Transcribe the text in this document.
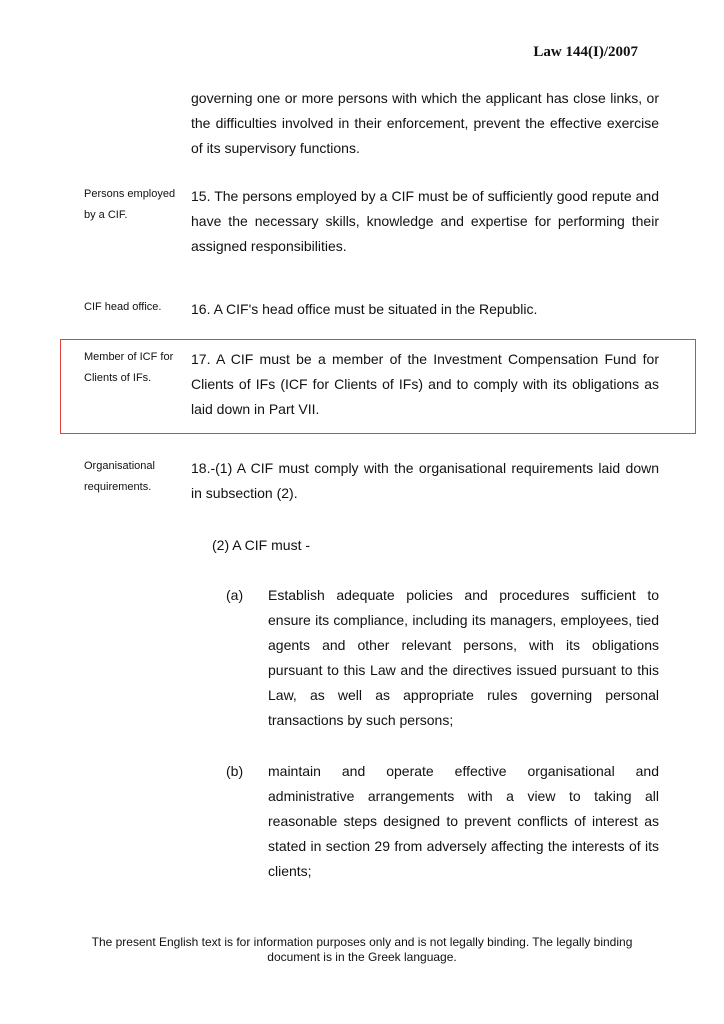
Law 144(I)/2007
governing one or more persons with which the applicant has close links, or the difficulties involved in their enforcement, prevent the effective exercise of its supervisory functions.
Persons employed by a CIF.
15. The persons employed by a CIF must be of sufficiently good repute and have the necessary skills, knowledge and expertise for performing their assigned responsibilities.
CIF head office.	16. A CIF's head office must be situated in the Republic.
Member of ICF for Clients of IFs.
17. A CIF must be a member of the Investment Compensation Fund for Clients of IFs (ICF for Clients of IFs) and to comply with its obligations as laid down in Part VII.
Organisational requirements.
18.-(1) A CIF must comply with the organisational requirements laid down in subsection (2).
(2) A CIF must -
(a) Establish adequate policies and procedures sufficient to ensure its compliance, including its managers, employees, tied agents and other relevant persons, with its obligations pursuant to this Law and the directives issued pursuant to this Law, as well as appropriate rules governing personal transactions by such persons;
(b) maintain and operate effective organisational and administrative arrangements with a view to taking all reasonable steps designed to prevent conflicts of interest as stated in section 29 from adversely affecting the interests of its clients;
The present English text is for information purposes only and is not legally binding. The legally binding document is in the Greek language.
